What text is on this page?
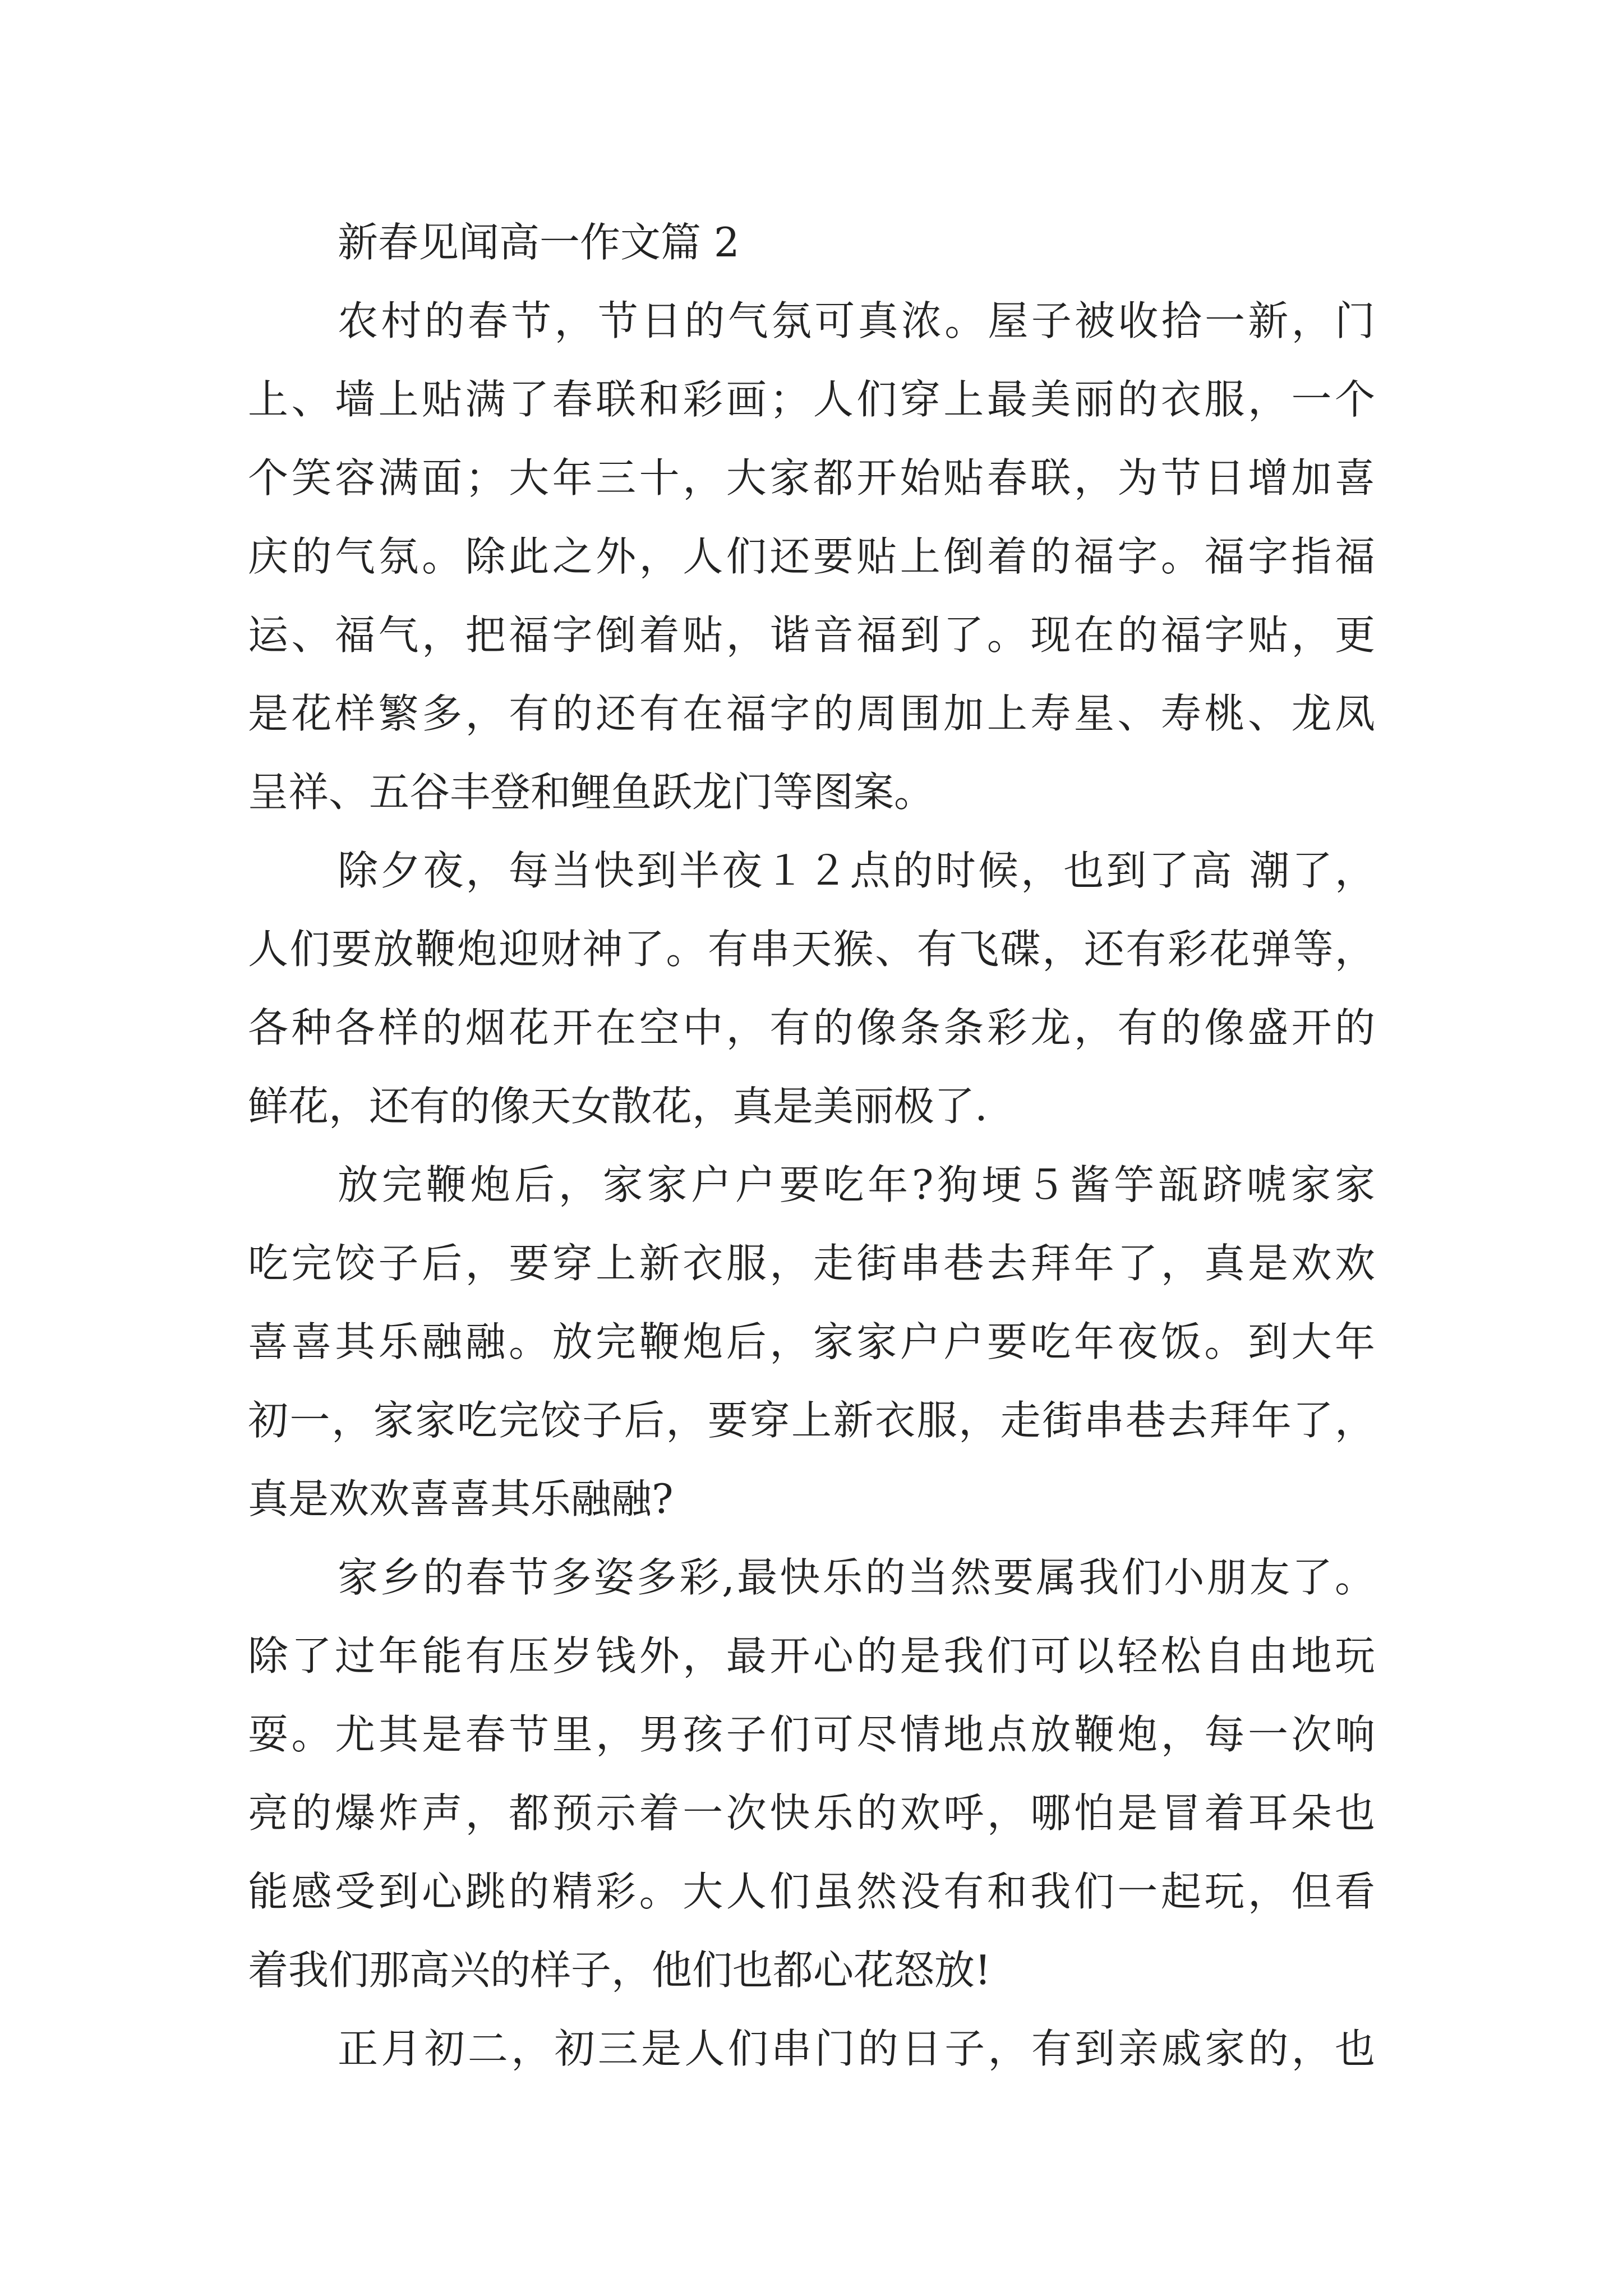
新春见闻高一作文篇 2
农村的春节，节日的气氛可真浓。屋子被收拾一新，门
上、墙上贴满了春联和彩画；人们穿上最美丽的衣服，一个
个笑容满面；大年三十，大家都开始贴春联，为节日增加喜
庆的气氛。除此之外，人们还要贴上倒着的福字。福字指福
运、福气，把福字倒着贴，谐音福到了。现在的福字贴，更
是花样繁多，有的还有在福字的周围加上寿星、寿桃、龙凤
呈祥、五谷丰登和鲤鱼跃龙门等图案。
除夕夜，每当快到半夜１２点的时候，也到了高 潮了，
人们要放鞭炮迎财神了。有串天猴、有飞碟，还有彩花弹等，
各种各样的烟花开在空中，有的像条条彩龙，有的像盛开的
鲜花，还有的像天女散花，真是美丽极了.
放完鞭炮后，家家户户要吃年?狗埂５酱竽瓿跻唬家家
吃完饺子后，要穿上新衣服，走街串巷去拜年了，真是欢欢
喜喜其乐融融。放完鞭炮后，家家户户要吃年夜饭。到大年
初一，家家吃完饺子后，要穿上新衣服，走街串巷去拜年了，
真是欢欢喜喜其乐融融?
家乡的春节多姿多彩,最快乐的当然要属我们小朋友了。
除了过年能有压岁钱外，最开心的是我们可以轻松自由地玩
耍。尤其是春节里，男孩子们可尽情地点放鞭炮，每一次响
亮的爆炸声，都预示着一次快乐的欢呼，哪怕是冒着耳朵也
能感受到心跳的精彩。大人们虽然没有和我们一起玩，但看
着我们那高兴的样子，他们也都心花怒放!
正月初二，初三是人们串门的日子，有到亲戚家的，也
